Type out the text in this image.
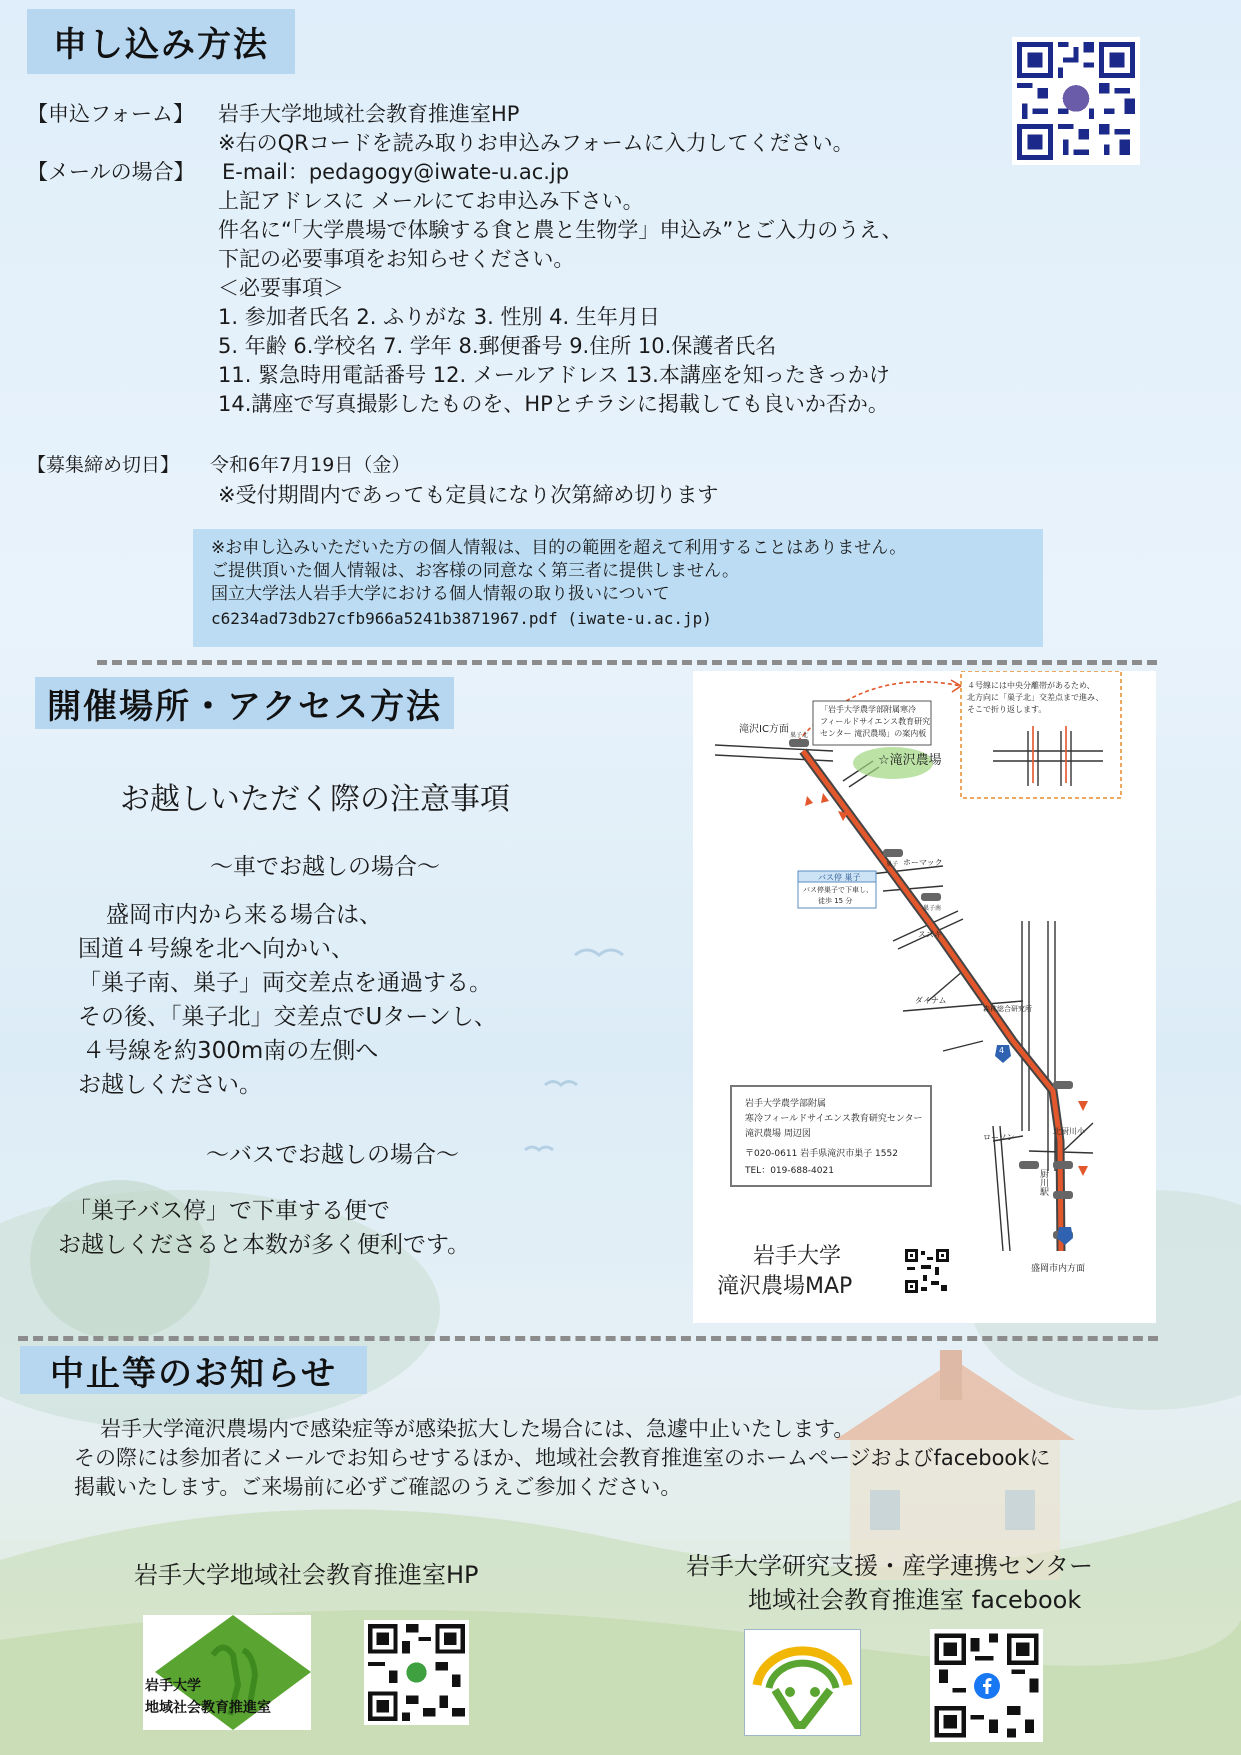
申し込み方法
【申込フォーム】 岩手大学地域社会教育推進室HP
※右のQRコードを読み取りお申込みフォームに入力してください。
【メールの場合】 E-mail：pedagogy@iwate-u.ac.jp
上記アドレスに メールにてお申込み下さい。
件名に“「大学農場で体験する食と農と生物学」申込み”とご入力のうえ、
下記の必要事項をお知らせください。
＜必要事項＞
1. 参加者氏名 2. ふりがな 3. 性別 4. 生年月日
5. 年齢 6.学校名 7. 学年 8.郵便番号 9.住所 10.保護者氏名
11. 緊急時用電話番号 12. メールアドレス 13.本講座を知ったきっかけ
14.講座で写真撮影したものを、HPとチラシに掲載しても良いか否か。
【募集締め切日】 令和6年7月19日（金）
※受付期間内であっても定員になり次第締め切ります
※お申し込みいただいた方の個人情報は、目的の範囲を超えて利用することはありません。
ご提供頂いた個人情報は、お客様の同意なく第三者に提供しません。
国立大学法人岩手大学における個人情報の取り扱いについて
c6234ad73db27cfb966a5241b3871967.pdf (iwate-u.ac.jp)
開催場所・アクセス方法
お越しいただく際の注意事項
～車でお越しの場合～
盛岡市内から来る場合は、
国道４号線を北へ向かい、
「巣子南、巣子」両交差点を通過する。
その後、「巣子北」交差点でUターンし、
４号線を約300m南の左側へ
お越しください。
～バスでお越しの場合～
「巣子バス停」で下車する便で
お越しくださると本数が多く便利です。
滝沢IC方面
「岩手大学農学部附属寒冷
フィールドサイエンス教育研究
センター 滝沢農場」の案内板
☆滝沢農場
４号線には中央分離帯があるため、
北方向に「巣子北」交差点まで進み、
そこで折り返します。
ホーマック
スズキ
バス停 巣子
バス停巣子で下車し、
徒歩 15 分
ダイナム
森林総合研究所
4
ローソン
北厨川小
厨川駅
盛岡市内方面
巣子北
巣子
巣子南
岩手大学農学部附属
寒冷フィールドサイエンス教育研究センター
滝沢農場 周辺図
〒020-0611 岩手県滝沢市巣子 1552
TEL：019-688-4021
岩手大学
滝沢農場MAP
中止等のお知らせ
岩手大学滝沢農場内で感染症等が感染拡大した場合には、急遽中止いたします。
その際には参加者にメールでお知らせするほか、地域社会教育推進室のホームページおよびfacebookに
掲載いたします。ご来場前に必ずご確認のうえご参加ください。
岩手大学地域社会教育推進室HP	岩手大学研究支援・産学連携センター
地域社会教育推進室 facebook
岩手大学
地域社会教育推進室
